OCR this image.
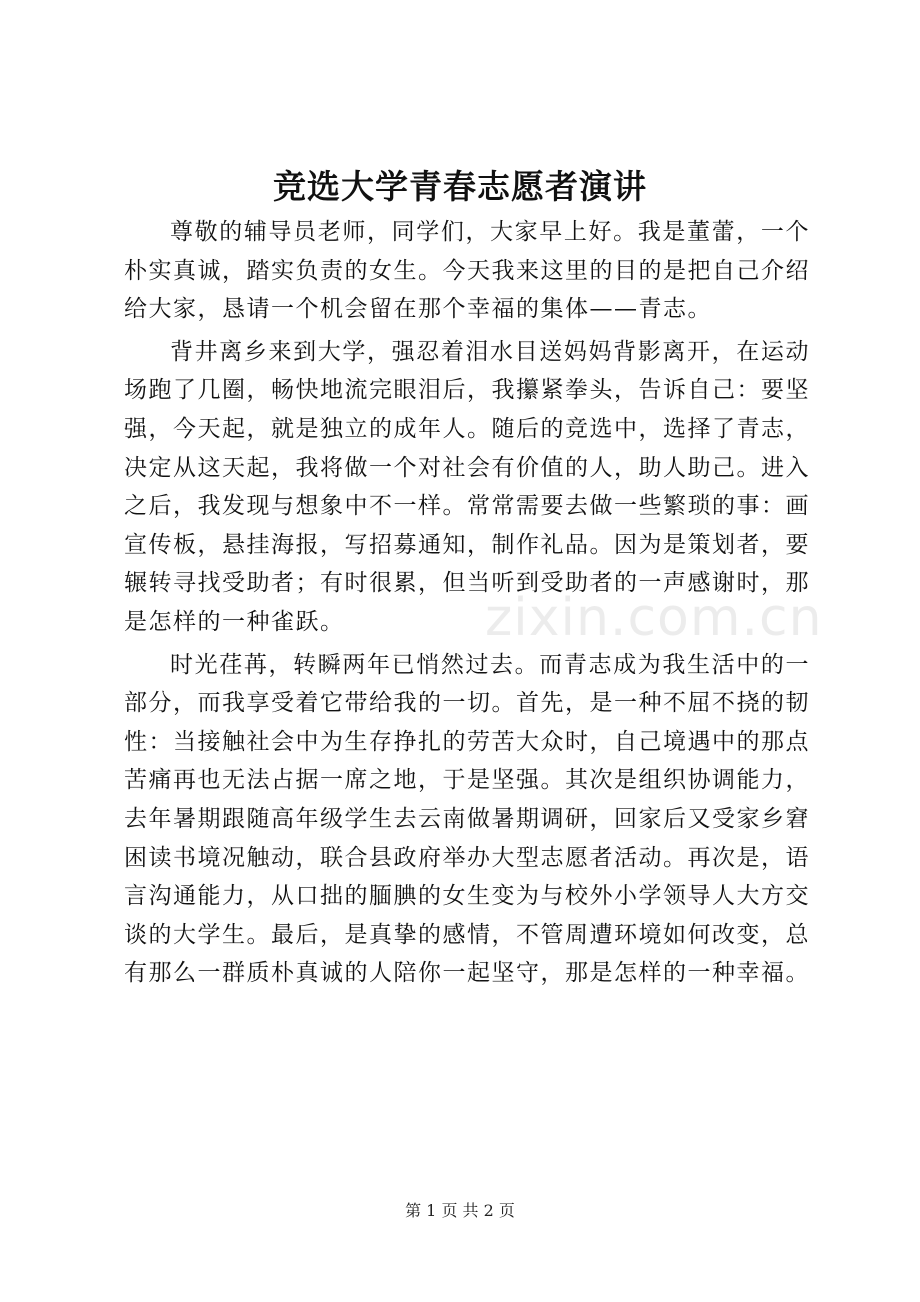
竞选大学青春志愿者演讲

尊敬的辅导员老师，同学们，大家早上好。我是董蕾，一个朴实真诚，踏实负责的女生。今天我来这里的目的是把自己介绍给大家，恳请一个机会留在那个幸福的集体——青志。

背井离乡来到大学，强忍着泪水目送妈妈背影离开，在运动场跑了几圈，畅快地流完眼泪后，我攥紧拳头，告诉自己：要坚强，今天起，就是独立的成年人。随后的竞选中，选择了青志，决定从这天起，我将做一个对社会有价值的人，助人助己。进入之后，我发现与想象中不一样。常常需要去做一些繁琐的事：画宣传板，悬挂海报，写招募通知，制作礼品。因为是策划者，要辗转寻找受助者；有时很累，但当听到受助者的一声感谢时，那是怎样的一种雀跃。

时光荏苒，转瞬两年已悄然过去。而青志成为我生活中的一部分，而我享受着它带给我的一切。首先，是一种不屈不挠的韧性：当接触社会中为生存挣扎的劳苦大众时，自己境遇中的那点苦痛再也无法占据一席之地，于是坚强。其次是组织协调能力，去年暑期跟随高年级学生去云南做暑期调研，回家后又受家乡窘困读书境况触动，联合县政府举办大型志愿者活动。再次是，语言沟通能力，从口拙的腼腆的女生变为与校外小学领导人大方交谈的大学生。最后，是真挚的感情，不管周遭环境如何改变，总有那么一群质朴真诚的人陪你一起坚守，那是怎样的一种幸福。

zixin.com.cn
第 1 页 共 2 页
